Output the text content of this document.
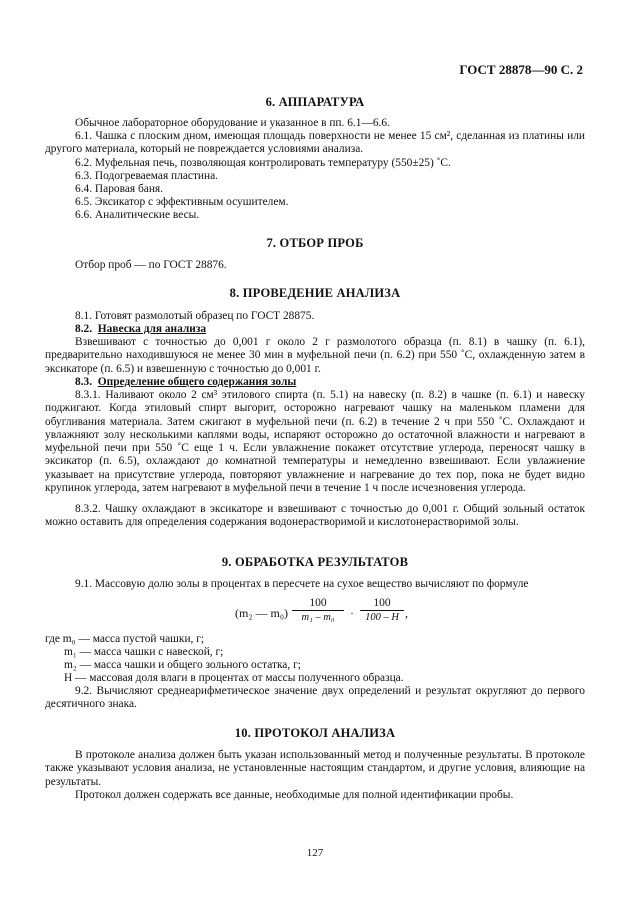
ГОСТ 28878—90 С. 2
6. АППАРАТУРА
Обычное лабораторное оборудование и указанное в пп. 6.1—6.6.
6.1. Чашка с плоским дном, имеющая площадь поверхности не менее 15 см², сделанная из платины или другого материала, который не повреждается условиями анализа.
6.2. Муфельная печь, позволяющая контролировать температуру (550±25) ˚С.
6.3. Подогреваемая пластина.
6.4. Паровая баня.
6.5. Эксикатор с эффективным осушителем.
6.6. Аналитические весы.
7. ОТБОР ПРОБ
Отбор проб — по ГОСТ 28876.
8. ПРОВЕДЕНИЕ АНАЛИЗА
8.1. Готовят размолотый образец по ГОСТ 28875.
8.2. Навеска для анализа
Взвешивают с точностью до 0,001 г около 2 г размолотого образца (п. 8.1) в чашку (п. 6.1), предварительно находившуюся не менее 30 мин в муфельной печи (п. 6.2) при 550 ˚С, охлажденную затем в эксикаторе (п. 6.5) и взвешенную с точностью до 0,001 г.
8.3. Определение общего содержания золы
8.3.1. Наливают около 2 см³ этилового спирта (п. 5.1) на навеску (п. 8.2) в чашке (п. 6.1) и навеску поджигают. Когда этиловый спирт выгорит, осторожно нагревают чашку на маленьком пламени для обугливания материала. Затем сжигают в муфельной печи (п. 6.2) в течение 2 ч при 550 ˚С. Охлаждают и увлажняют золу несколькими каплями воды, испаряют осторожно до остаточной влажности и нагревают в муфельной печи при 550 ˚С еще 1 ч. Если увлажнение покажет отсутствие углерода, переносят чашку в эксикатор (п. 6.5), охлаждают до комнатной температуры и немедленно взвешивают. Если увлажнение указывает на присутствие углерода, повторяют увлажнение и нагревание до тех пор, пока не будет видно крупинок углерода, затем нагревают в муфельной печи в течение 1 ч после исчезновения углерода.
8.3.2. Чашку охлаждают в эксикаторе и взвешивают с точностью до 0,001 г. Общий зольный остаток можно оставить для определения содержания водонерастворимой и кислотонерастворимой золы.
9. ОБРАБОТКА РЕЗУЛЬТАТОВ
9.1. Массовую долю золы в процентах в пересчете на сухое вещество вычисляют по формуле
(m₂ — m₀)
100
m₁ – m₀	·
100
100 – H ,
где m₀ — масса пустой чашки, г;
m₁ — масса чашки с навеской, г;
m₂ — масса чашки и общего зольного остатка, г;
H — массовая доля влаги в процентах от массы полученного образца.
9.2. Вычисляют среднеарифметическое значение двух определений и результат округляют до первого десятичного знака.
10. ПРОТОКОЛ АНАЛИЗА
В протоколе анализа должен быть указан использованный метод и полученные результаты. В протоколе также указывают условия анализа, не установленные настоящим стандартом, и другие условия, влияющие на результаты.
Протокол должен содержать все данные, необходимые для полной идентификации пробы.
127
